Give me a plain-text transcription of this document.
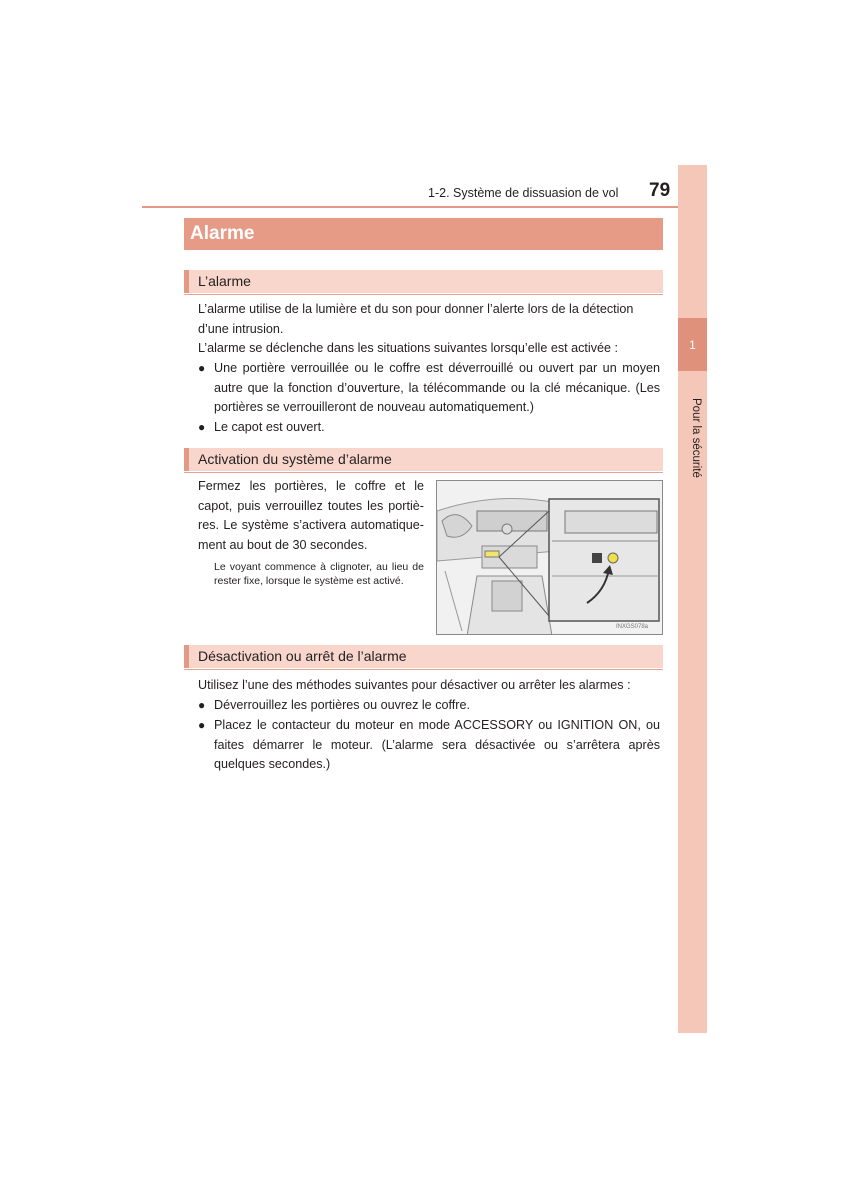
1-2. Système de dissuasion de vol 79
1
Pour la sécurité
Alarme
L’alarme
L’alarme utilise de la lumière et du son pour donner l’alerte lors de la détection d’une intrusion.
L’alarme se déclenche dans les situations suivantes lorsqu’elle est activée :
● Une portière verrouillée ou le coffre est déverrouillé ou ouvert par un moyen autre que la fonction d’ouverture, la télécommande ou la clé mécanique. (Les portières se verrouilleront de nouveau automatiquement.)
● Le capot est ouvert.
Activation du système d’alarme
Fermez les portières, le coffre et le capot, puis verrouillez toutes les portiè-res. Le système s’activera automatique-ment au bout de 30 secondes.
Le voyant commence à clignoter, au lieu de rester fixe, lorsque le système est activé.
INXGS078a
Désactivation ou arrêt de l’alarme
Utilisez l’une des méthodes suivantes pour désactiver ou arrêter les alarmes :
● Déverrouillez les portières ou ouvrez le coffre.
● Placez le contacteur du moteur en mode ACCESSORY ou IGNITION ON, ou faites démarrer le moteur. (L’alarme sera désactivée ou s’arrêtera après quelques secondes.)
